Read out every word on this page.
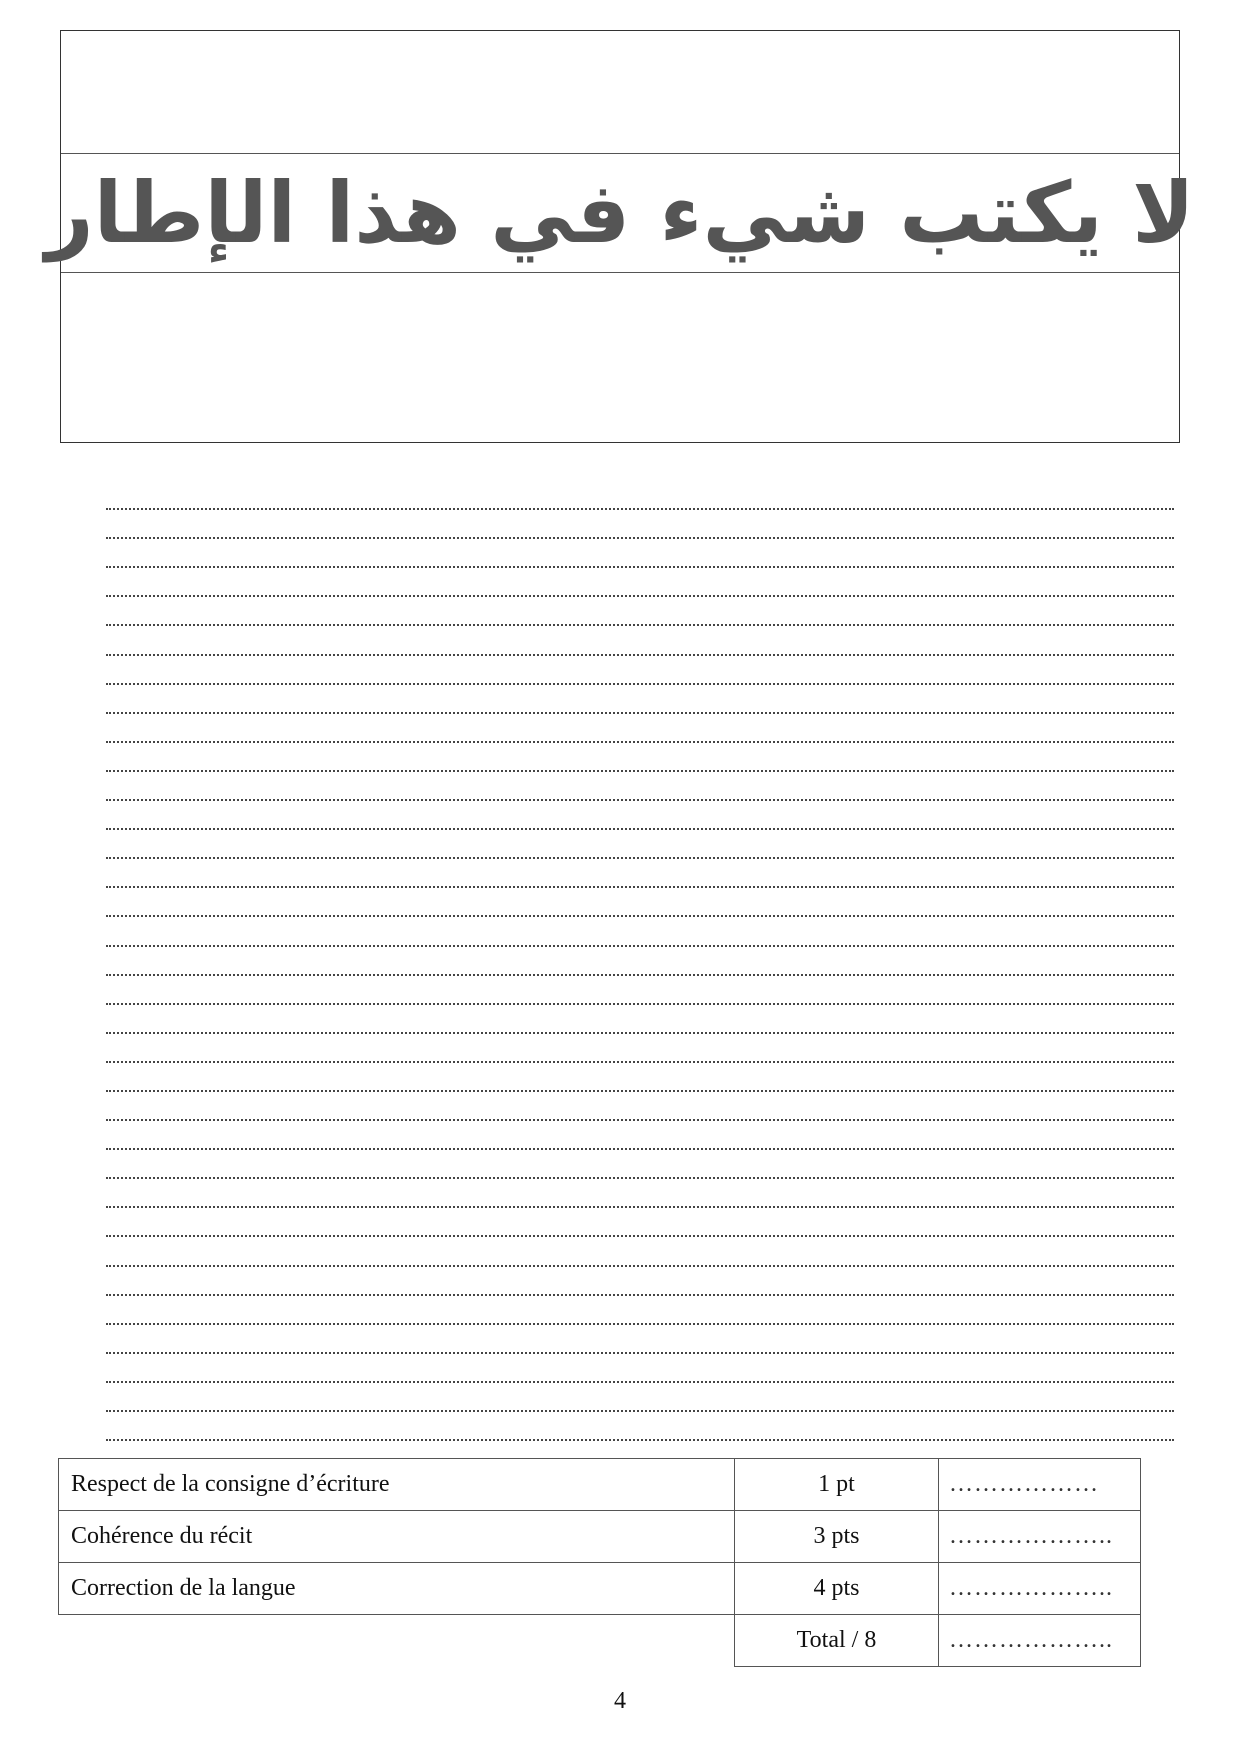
لا يكتب شيء في هذا الإطار
Respect de la consigne d’écriture	1 pt	………………
Cohérence du récit	3 pts	………………..
Correction de la langue	4 pts	………………..
	Total / 8	………………..
4
